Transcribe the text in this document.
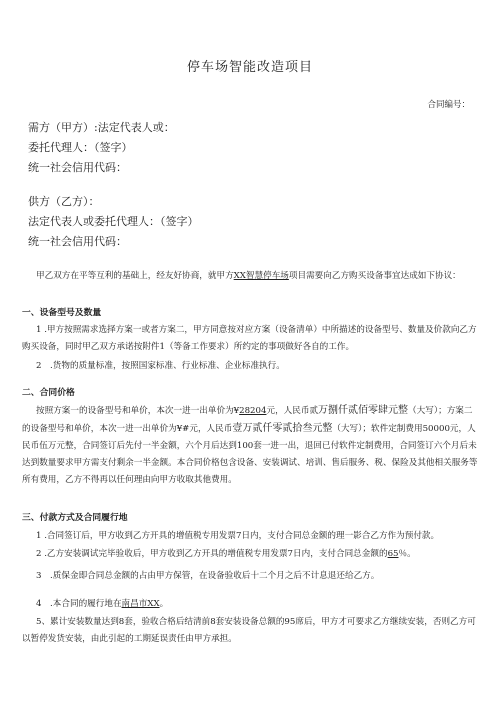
停车场智能改造项目
合同编号：
需方（甲方）:法定代表人或：
委托代理人：（签字）
统一社会信用代码：
供方（乙方）：
法定代表人或委托代理人：（签字）
统一社会信用代码：
甲乙双方在平等互利的基础上，经友好协商，就甲方XX智慧停车场项目需要向乙方购买设备事宜达成如下协议：
一、设备型号及数量
1 .甲方按照需求选择方案一或者方案二，甲方同意按对应方案（设备清单）中所描述的设备型号、数量及价款向乙方购买设备，同时甲乙双方承诺按附件1（等备工作要求）所约定的事项做好各自的工作。
2　.货物的质量标准，按照国家标准、行业标准、企业标准执行。
二、合同价格
按照方案一的设备型号和单价，本次一进一出单价为¥28204元，人民币贰万捌仟贰佰零肆元整（大写）；方案二的设备型号和单价，本次一进一出单价为¥#元，人民币壹万贰仟零贰拾叁元整（大写）；软件定制费用50000元，人民币伍万元整，合同签订后先付一半金额，六个月后达到100套一进一出，退回已付软件定制费用，合同签订六个月后未达到数量要求甲方需支付剩余一半金额。本合同价格包含设备、安装调试、培训、售后服务、税、保险及其他相关服务等所有费用，乙方不得再以任何理由向甲方收取其他费用。
三、付款方式及合同履行地
1 .合同签订后，甲方收到乙方开具的增值税专用发票7日内，支付合同总金额的理一影合乙方作为预付款。
2 .乙方安装调试完毕验收后，甲方收到乙方开具的增值税专用发票7日内，支付合同总金额的65％。
3　.质保金即合同总金额的占由甲方保管，在设备验收后十二个月之后不计息退还给乙方。
4　.本合同的履行地在南昌市XX。
5、累计安装数量达到8套，验收合格后结清前8套安装设备总额的95席后，甲方才可要求乙方继续安装，否则乙方可以暂停发货安装，由此引起的工期延误责任由甲方承担。
